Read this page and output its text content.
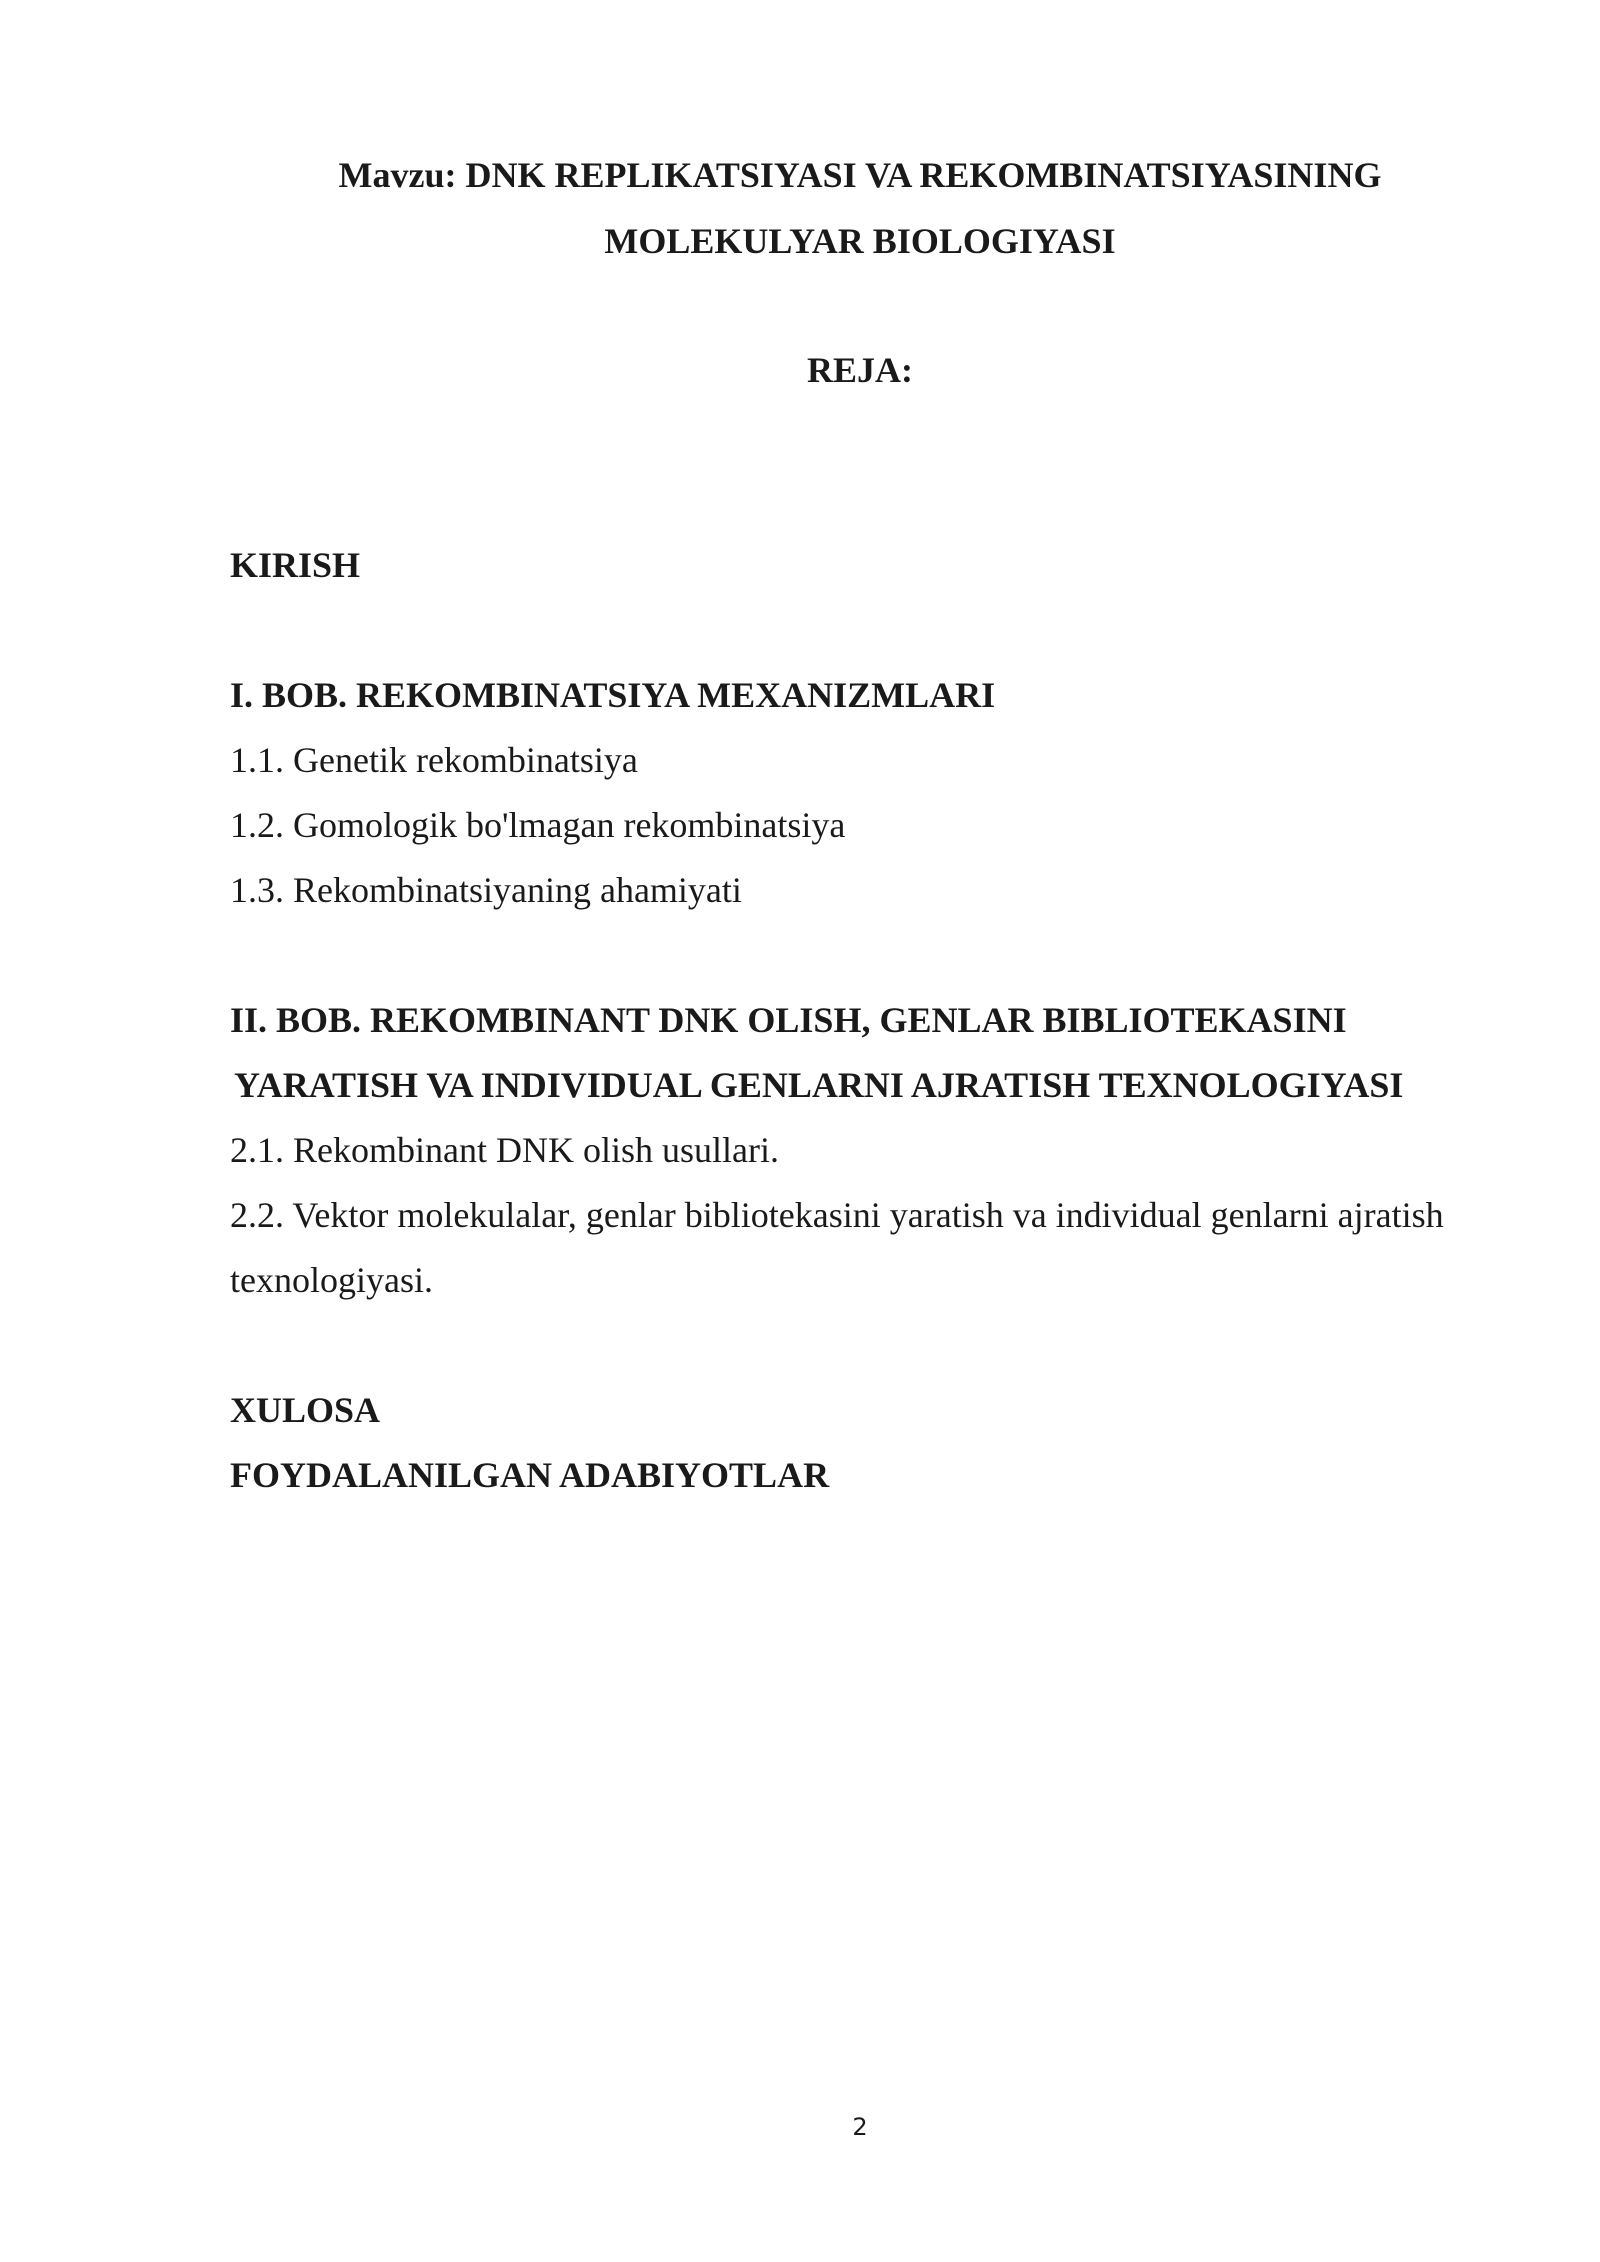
Mavzu: DNK REPLIKATSIYASI VA REKOMBINATSIYASINING
MOLEKULYAR BIOLOGIYASI
REJA:
KIRISH
I. BOB. REKOMBINATSIYA MEXANIZMLARI
1.1. Genetik rekombinatsiya
1.2. Gomologik bo'lmagan rekombinatsiya
1.3. Rekombinatsiyaning ahamiyati
II. BOB. REKOMBINANT DNK OLISH, GENLAR BIBLIOTEKASINI
YARATISH VA INDIVIDUAL GENLARNI AJRATISH TEXNOLOGIYASI
2.1. Rekombinant DNK olish usullari.
2.2. Vektor molekulalar, genlar bibliotekasini yaratish va individual genlarni ajratish
texnologiyasi.
XULOSA
FOYDALANILGAN ADABIYOTLAR
2
